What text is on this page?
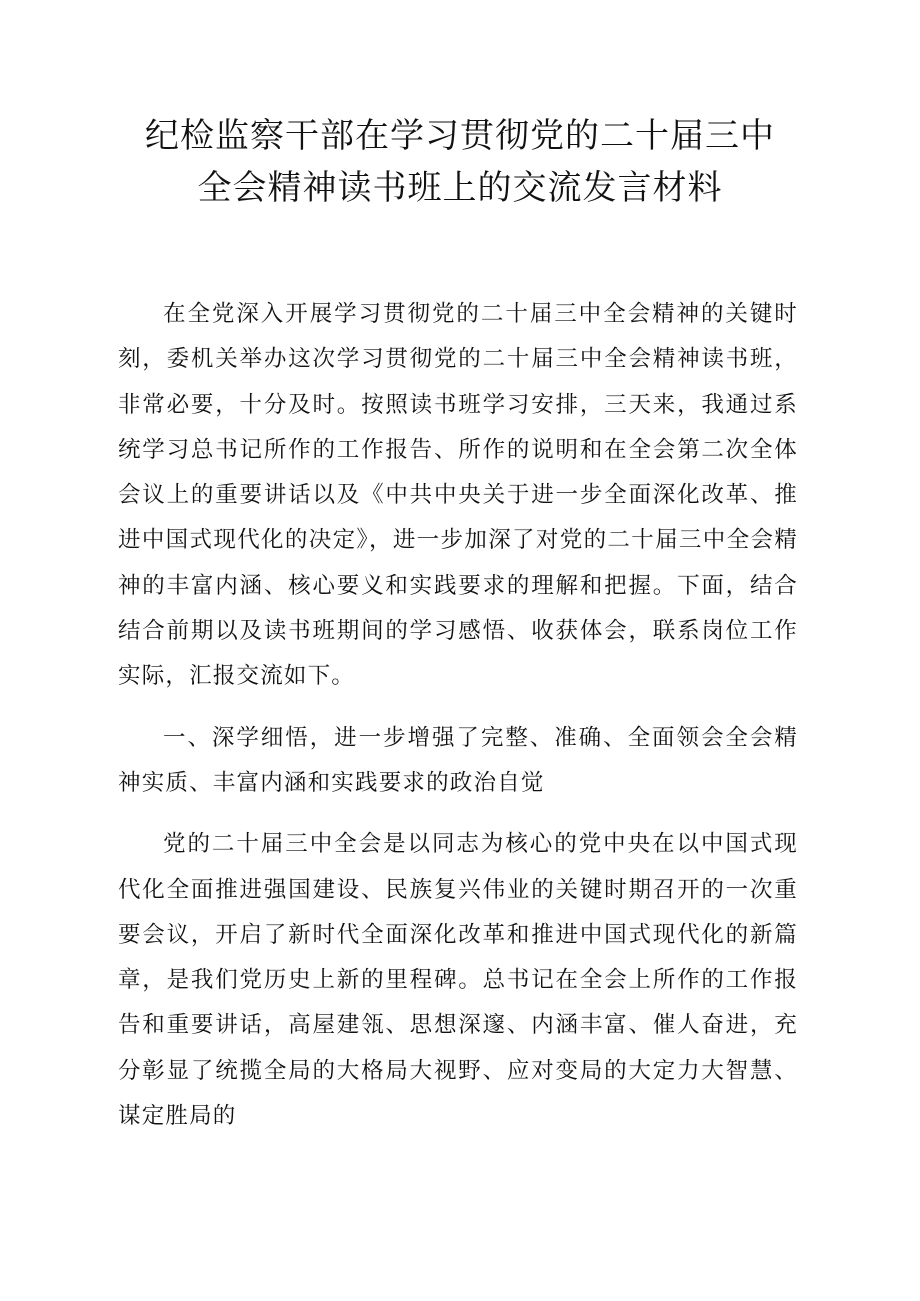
纪检监察干部在学习贯彻党的二十届三中
全会精神读书班上的交流发言材料

在全党深入开展学习贯彻党的二十届三中全会精神的关键时刻，委机关举办这次学习贯彻党的二十届三中全会精神读书班，非常必要，十分及时。按照读书班学习安排，三天来，我通过系统学习总书记所作的工作报告、所作的说明和在全会第二次全体会议上的重要讲话以及《中共中央关于进一步全面深化改革、推进中国式现代化的决定》，进一步加深了对党的二十届三中全会精神的丰富内涵、核心要义和实践要求的理解和把握。下面，结合结合前期以及读书班期间的学习感悟、收获体会，联系岗位工作实际，汇报交流如下。

一、深学细悟，进一步增强了完整、准确、全面领会全会精神实质、丰富内涵和实践要求的政治自觉

党的二十届三中全会是以同志为核心的党中央在以中国式现代化全面推进强国建设、民族复兴伟业的关键时期召开的一次重要会议，开启了新时代全面深化改革和推进中国式现代化的新篇章，是我们党历史上新的里程碑。总书记在全会上所作的工作报告和重要讲话，高屋建瓴、思想深邃、内涵丰富、催人奋进，充分彰显了统揽全局的大格局大视野、应对变局的大定力大智慧、谋定胜局的
